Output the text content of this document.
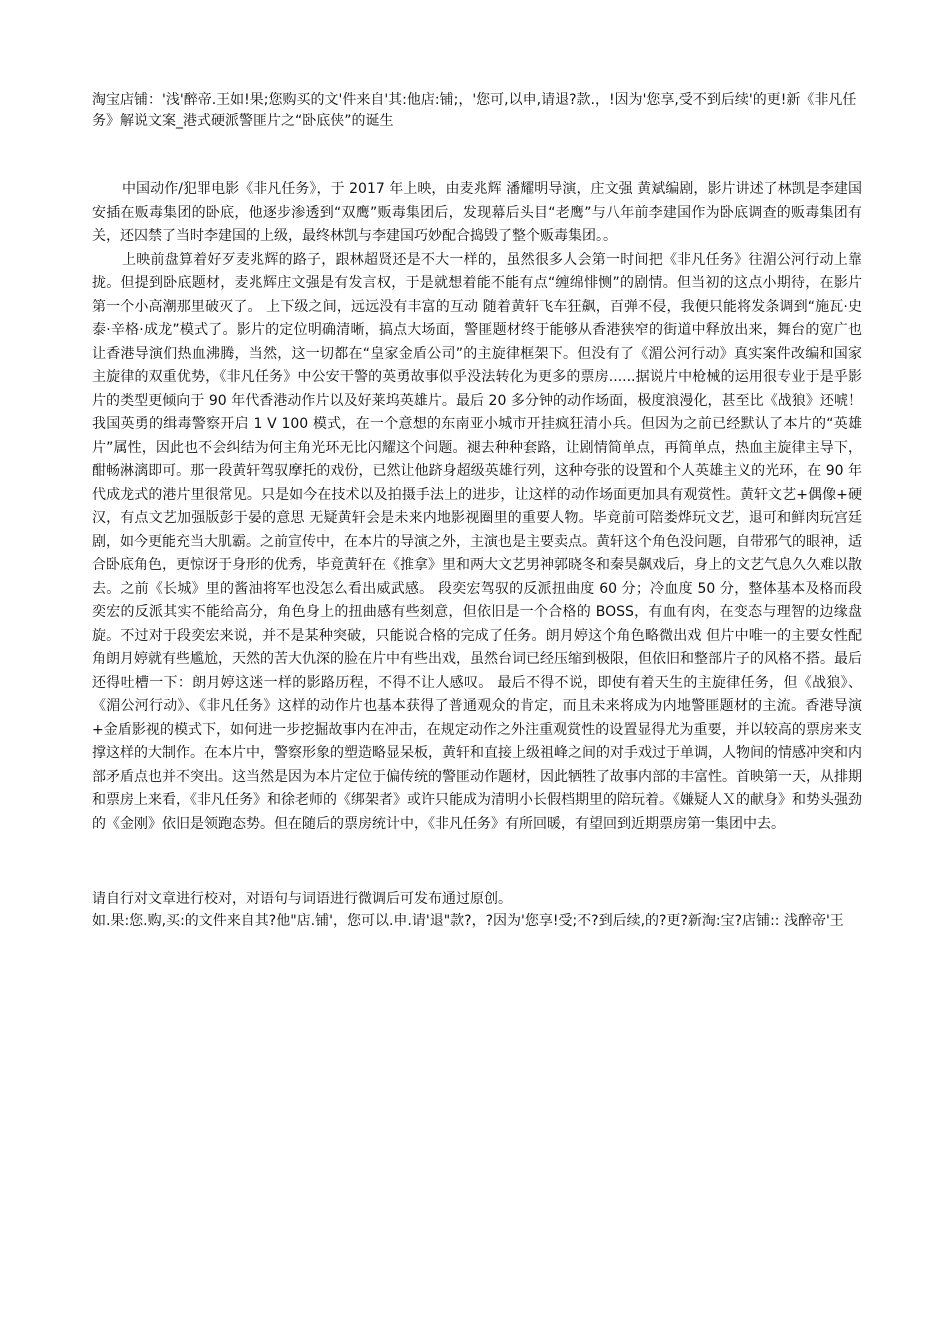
淘宝店铺：'浅'醉帝.王如!果;您购买的文'件来自'其:他店:铺;，'您可,以申,请退?款.，!因为'您享,受不到后续'的更!新《非凡任务》解说文案_港式硬派警匪片之“卧底侠”的诞生

中国动作/犯罪电影《非凡任务》，于 2017 年上映，由麦兆辉 潘耀明导演，庄文强 黄斌编剧，影片讲述了林凯是李建国安插在贩毒集团的卧底，他逐步渗透到“双鹰”贩毒集团后，发现幕后头目“老鹰”与八年前李建国作为卧底调查的贩毒集团有关，还囚禁了当时李建国的上级，最终林凯与李建国巧妙配合捣毁了整个贩毒集团。。

上映前盘算着好歹麦兆辉的路子，跟林超贤还是不大一样的，虽然很多人会第一时间把《非凡任务》往湄公河行动上靠拢。但提到卧底题材，麦兆辉庄文强是有发言权，于是就想着能不能有点“缠绵悱恻”的剧情。但当初的这点小期待，在影片第一个小高潮那里破灭了。 上下级之间，远远没有丰富的互动 随着黄轩飞车狂飙，百弹不侵，我便只能将发条调到“施瓦·史泰·辛格·成龙”模式了。影片的定位明确清晰，搞点大场面，警匪题材终于能够从香港狭窄的街道中释放出来，舞台的宽广也让香港导演们热血沸腾，当然，这一切都在“皇家金盾公司”的主旋律框架下。但没有了《湄公河行动》真实案件改编和国家主旋律的双重优势，《非凡任务》中公安干警的英勇故事似乎没法转化为更多的票房......据说片中枪械的运用很专业于是乎影片的类型更倾向于 90 年代香港动作片以及好莱坞英雄片。最后 20 多分钟的动作场面，极度浪漫化，甚至比《战狼》还唬！我国英勇的缉毒警察开启 1 V 100 模式，在一个意想的东南亚小城市开挂疯狂清小兵。但因为之前已经默认了本片的“英雄片”属性，因此也不会纠结为何主角光环无比闪耀这个问题。褪去种种套路，让剧情简单点，再简单点，热血主旋律主导下，酣畅淋漓即可。那一段黄轩驾驭摩托的戏份，已然让他跻身超级英雄行列，这种夸张的设置和个人英雄主义的光环，在 90 年代成龙式的港片里很常见。只是如今在技术以及拍摄手法上的进步，让这样的动作场面更加具有观赏性。黄轩文艺+偶像+硬汉，有点文艺加强版彭于晏的意思 无疑黄轩会是未来内地影视圈里的重要人物。毕竟前可陪娄烨玩文艺，退可和鲜肉玩宫廷剧，如今更能充当大肌霸。之前宣传中，在本片的导演之外，主演也是主要卖点。黄轩这个角色没问题，自带邪气的眼神，适合卧底角色，更惊讶于身形的优秀，毕竟黄轩在《推拿》里和两大文艺男神郭晓冬和秦昊飙戏后，身上的文艺气息久久难以散去。之前《长城》里的酱油将军也没怎么看出威武感。 段奕宏驾驭的反派扭曲度 60 分；冷血度 50 分，整体基本及格而段奕宏的反派其实不能给高分，角色身上的扭曲感有些刻意，但依旧是一个合格的 BOSS，有血有肉，在变态与理智的边缘盘旋。不过对于段奕宏来说，并不是某种突破，只能说合格的完成了任务。朗月婷这个角色略微出戏 但片中唯一的主要女性配角朗月婷就有些尴尬，天然的苦大仇深的脸在片中有些出戏，虽然台词已经压缩到极限，但依旧和整部片子的风格不搭。最后还得吐槽一下：朗月婷这迷一样的影路历程，不得不让人感叹。 最后不得不说，即使有着天生的主旋律任务，但《战狼》、《湄公河行动》、《非凡任务》这样的动作片也基本获得了普通观众的肯定，而且未来将成为内地警匪题材的主流。香港导演+金盾影视的模式下，如何进一步挖掘故事内在冲击，在规定动作之外注重观赏性的设置显得尤为重要，并以较高的票房来支撑这样的大制作。在本片中，警察形象的塑造略显呆板，黄轩和直接上级祖峰之间的对手戏过于单调，人物间的情感冲突和内部矛盾点也并不突出。这当然是因为本片定位于偏传统的警匪动作题材，因此牺牲了故事内部的丰富性。首映第一天，从排期和票房上来看，《非凡任务》和徐老师的《绑架者》或许只能成为清明小长假档期里的陪玩着。《嫌疑人Ｘ的献身》和势头强劲的《金刚》依旧是领跑态势。但在随后的票房统计中，《非凡任务》有所回暖，有望回到近期票房第一集团中去。

请自行对文章进行校对，对语句与词语进行微调后可发布通过原创。

如.果:您.购,买:的文件来自其?他"店.铺'，您可以.申.请'退"款?，?因为'您享!受;不?到后续,的?更?新淘:宝?店铺:: 浅醉帝'王
